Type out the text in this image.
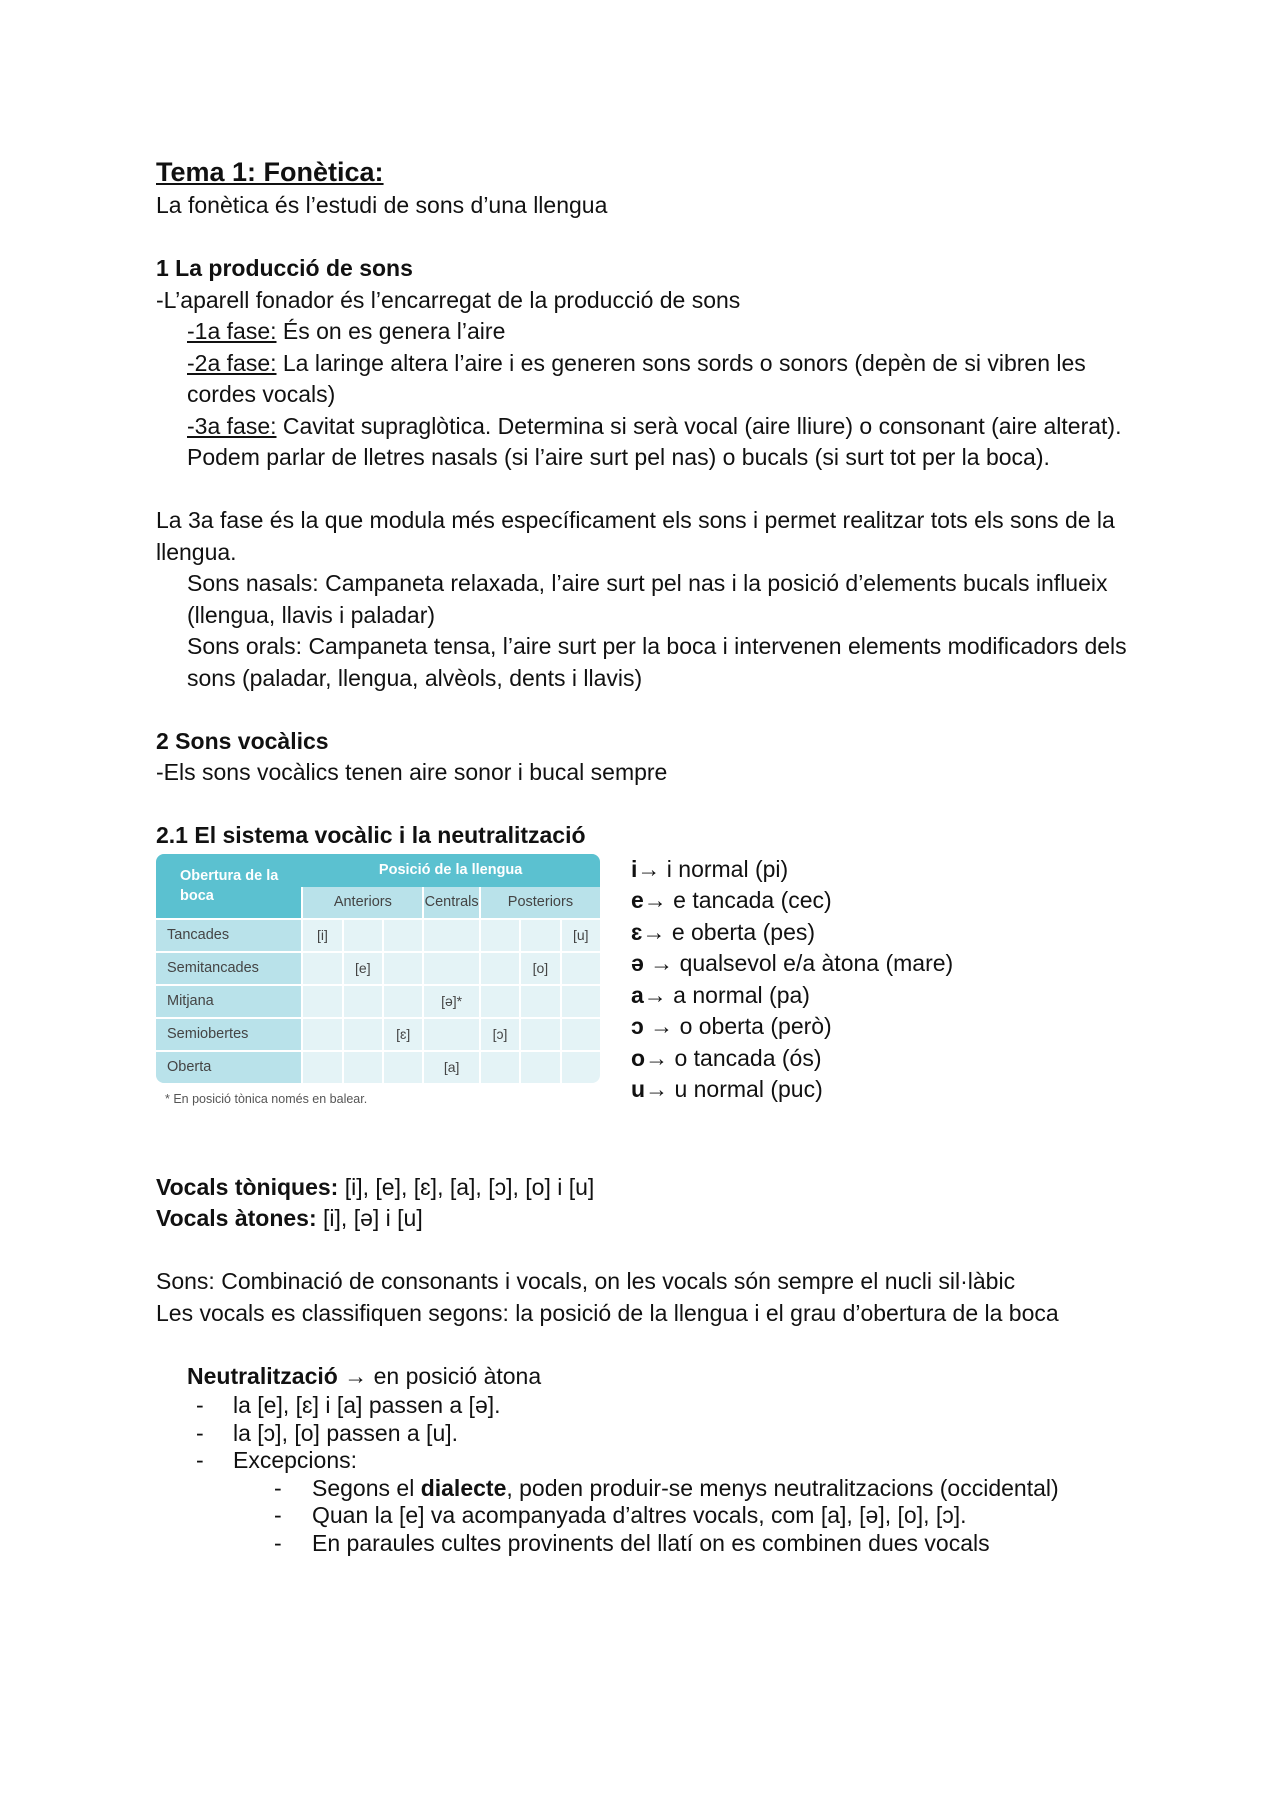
Tema 1: Fonètica:

La fonètica és l’estudi de sons d’una llengua

1 La producció de sons

-L’aparell fonador és l’encarregat de la producció de sons

-1a fase: És on es genera l’aire

-2a fase: La laringe altera l’aire i es generen sons sords o sonors (depèn de si vibren les cordes vocals)

-3a fase: Cavitat supraglòtica. Determina si serà vocal (aire lliure) o consonant (aire alterat). Podem parlar de lletres nasals (si l’aire surt pel nas) o bucals (si surt tot per la boca).

La 3a fase és la que modula més específicament els sons i permet realitzar tots els sons de la llengua.

Sons nasals: Campaneta relaxada, l’aire surt pel nas i la posició d’elements bucals influeix (llengua, llavis i paladar)

Sons orals: Campaneta tensa, l’aire surt per la boca i intervenen elements modificadors dels sons (paladar, llengua, alvèols, dents i llavis)

2 Sons vocàlics

-Els sons vocàlics tenen aire sonor i bucal sempre

2.1 El sistema vocàlic i la neutralització

Obertura de la boca	Posició de la llengua						
	Anteriors			Centrals	Posteriors		
Tancades	[i]						[u]
Semitancades		[e]				[o]	
Mitjana				[ə]*			
Semiobertes			[ɛ]		[ɔ]		
Oberta				[a]			
* En posició tònica només en balear.
i→ i normal (pi)
e→ e tancada (cec)
ɛ→ e oberta (pes)
ə → qualsevol e/a àtona (mare)
a→ a normal (pa)
ɔ → o oberta (però)
o→ o tancada (ós)
u→ u normal (puc)

Vocals tòniques: [i], [e], [ɛ], [a], [ɔ], [o] i [u]

Vocals àtones: [i], [ə] i [u]

Sons: Combinació de consonants i vocals, on les vocals són sempre el nucli sil·làbic

Les vocals es classifiquen segons: la posició de la llengua i el grau d’obertura de la boca

Neutralització → en posició àtona

- la [e], [ɛ] i [a] passen a [ə].
- la [ɔ], [o] passen a [u].
- Excepcions:
- Segons el dialecte, poden produir-se menys neutralitzacions (occidental)
- Quan la [e] va acompanyada d’altres vocals, com [a], [ə], [o], [ɔ].
- En paraules cultes provinents del llatí on es combinen dues vocals
